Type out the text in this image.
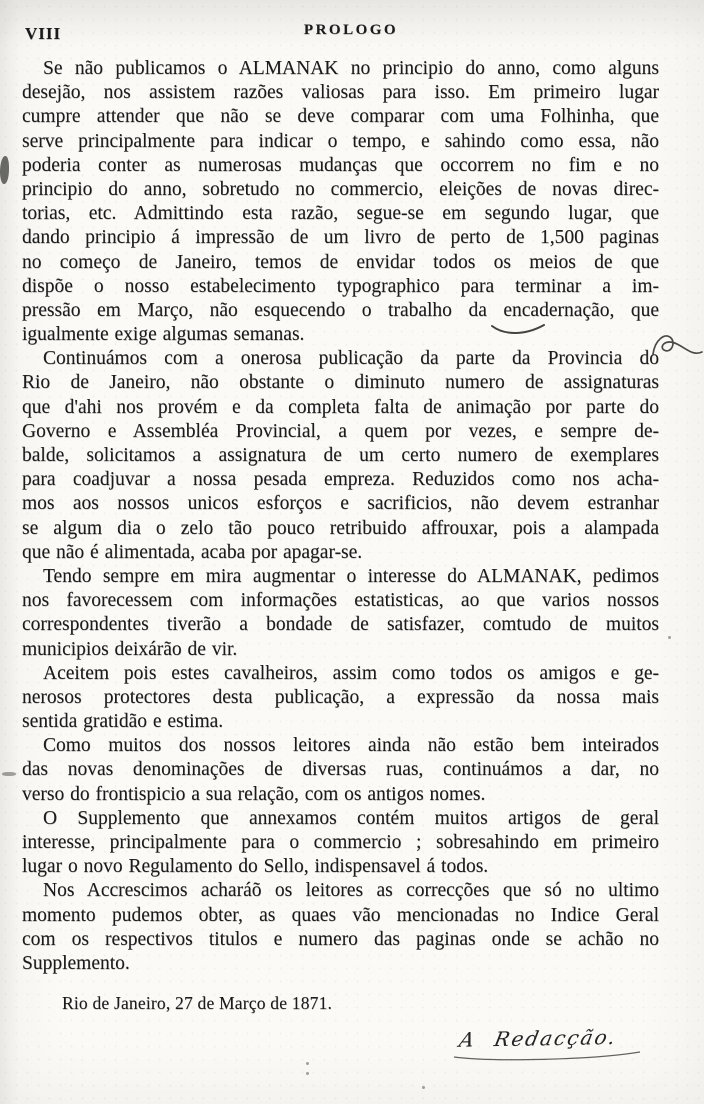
VIII	PROLOGO
Se não publicamos o ALMANAK no principio do anno, como alguns
desejão, nos assistem razões valiosas para isso. Em primeiro lugar
cumpre attender que não se deve comparar com uma Folhinha, que
serve principalmente para indicar o tempo, e sahindo como essa, não
poderia conter as numerosas mudanças que occorrem no fim e no
principio do anno, sobretudo no commercio, eleições de novas direc-
torias, etc. Admittindo esta razão, segue-se em segundo lugar, que
dando principio á impressão de um livro de perto de 1,500 paginas
no começo de Janeiro, temos de envidar todos os meios de que
dispõe o nosso estabelecimento typographico para terminar a im-
pressão em Março, não esquecendo o trabalho da encadernação, que
igualmente exige algumas semanas.
Continuámos com a onerosa publicação da parte da Provincia do
Rio de Janeiro, não obstante o diminuto numero de assignaturas
que d'ahi nos provém e da completa falta de animação por parte do
Governo e Assembléa Provincial, a quem por vezes, e sempre de-
balde, solicitamos a assignatura de um certo numero de exemplares
para coadjuvar a nossa pesada empreza. Reduzidos como nos acha-
mos aos nossos unicos esforços e sacrificios, não devem estranhar
se algum dia o zelo tão pouco retribuido affrouxar, pois a alampada
que não é alimentada, acaba por apagar-se.
Tendo sempre em mira augmentar o interesse do ALMANAK, pedimos
nos favorecessem com informações estatisticas, ao que varios nossos
correspondentes tiverão a bondade de satisfazer, comtudo de muitos
municipios deixárão de vir.
Aceitem pois estes cavalheiros, assim como todos os amigos e ge-
nerosos protectores desta publicação, a expressão da nossa mais
sentida gratidão e estima.
Como muitos dos nossos leitores ainda não estão bem inteirados
das novas denominações de diversas ruas, continuámos a dar, no
verso do frontispicio a sua relação, com os antigos nomes.
O Supplemento que annexamos contém muitos artigos de geral
interesse, principalmente para o commercio ; sobresahindo em primeiro
lugar o novo Regulamento do Sello, indispensavel á todos.
Nos Accrescimos acharáõ os leitores as correcções que só no ultimo
momento pudemos obter, as quaes vão mencionadas no Indice Geral
com os respectivos titulos e numero das paginas onde se achão no
Supplemento.
A Redacção.
Rio de Janeiro, 27 de Março de 1871.
